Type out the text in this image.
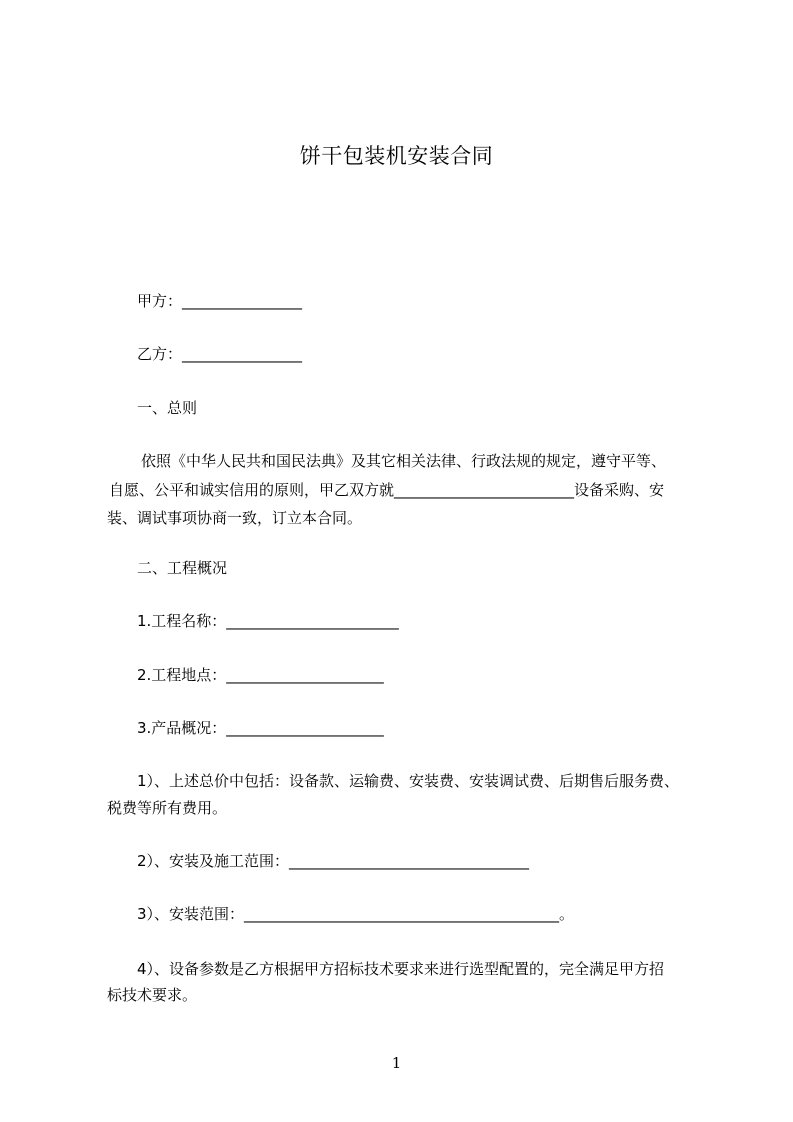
饼干包装机安装合同
甲方：________________
乙方：________________
一、总则
依照《中华人民共和国民法典》及其它相关法律、行政法规的规定，遵守平等、
自愿、公平和诚实信用的原则，甲乙双方就________________________设备采购、安
装、调试事项协商一致，订立本合同。
二、工程概况
1.工程名称：_______________________
2.工程地点：_____________________
3.产品概况：_____________________
1）、上述总价中包括：设备款、运输费、安装费、安装调试费、后期售后服务费、
税费等所有费用。
2）、安装及施工范围：________________________________
3）、安装范围：__________________________________________。
4）、设备参数是乙方根据甲方招标技术要求来进行选型配置的，完全满足甲方招
标技术要求。
1
